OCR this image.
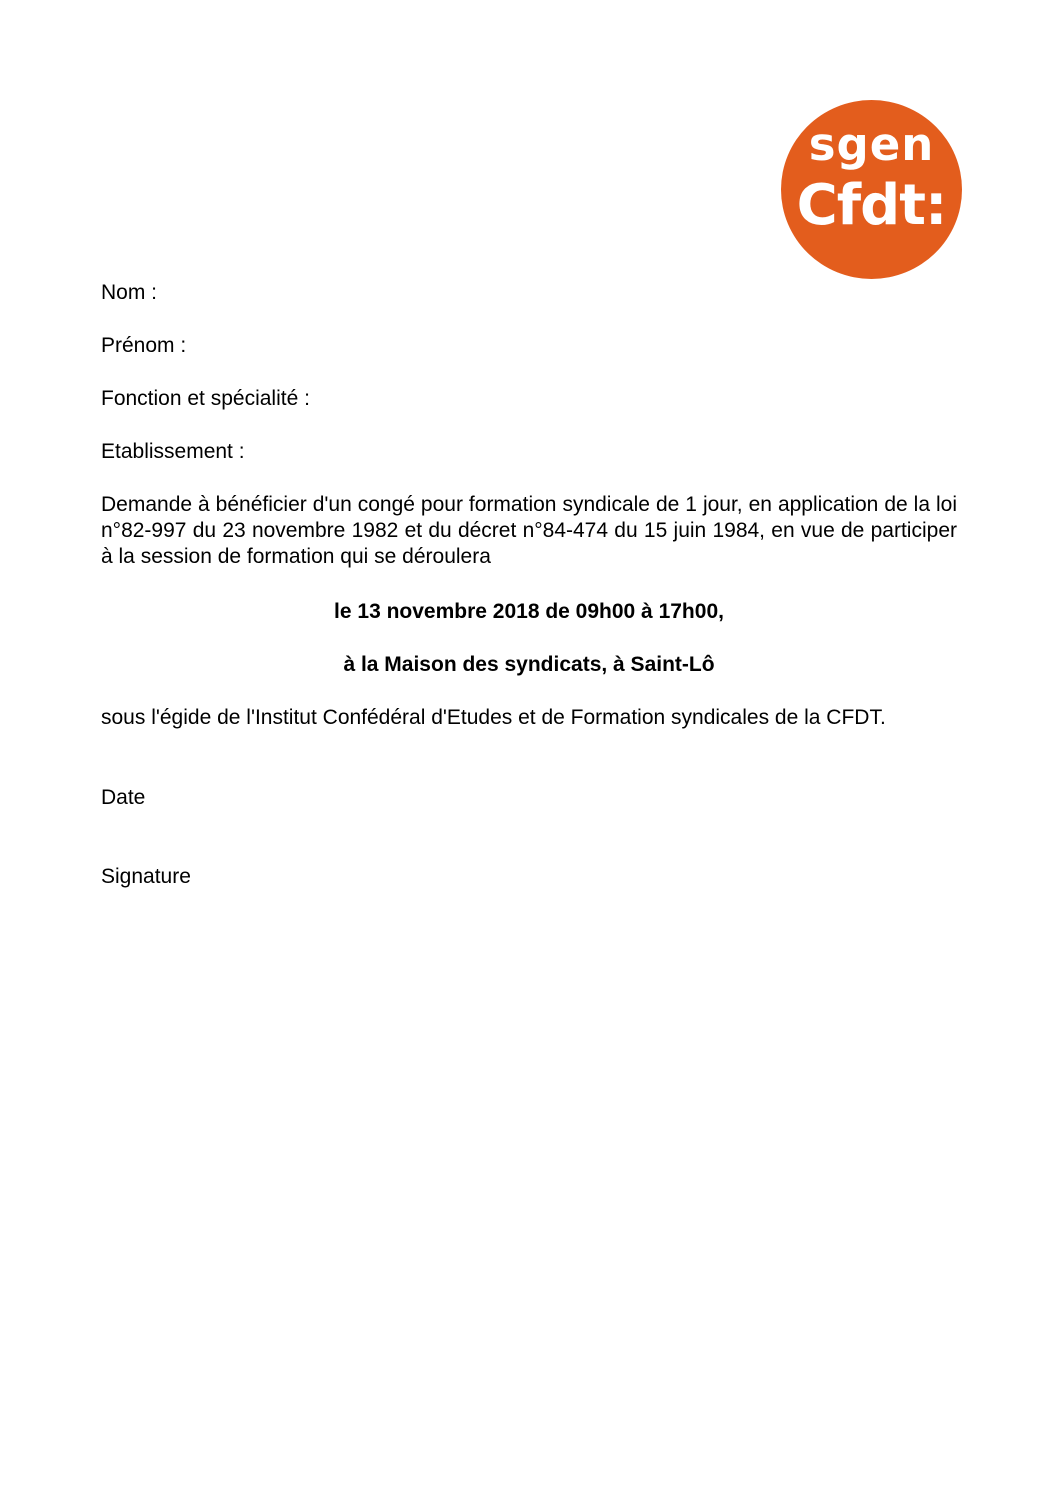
sgen
Cfdt:
Nom :
Prénom :
Fonction et spécialité :
Etablissement :
Demande à bénéficier d'un congé pour formation syndicale de 1 jour, en application de la loi n°82-997 du 23 novembre 1982 et du décret n°84-474 du 15 juin 1984, en vue de participer à la session de formation qui se déroulera
le 13 novembre 2018 de 09h00 à 17h00,
à la Maison des syndicats, à Saint-Lô
sous l'égide de l'Institut Confédéral d'Etudes et de Formation syndicales de la CFDT.
Date
Signature
